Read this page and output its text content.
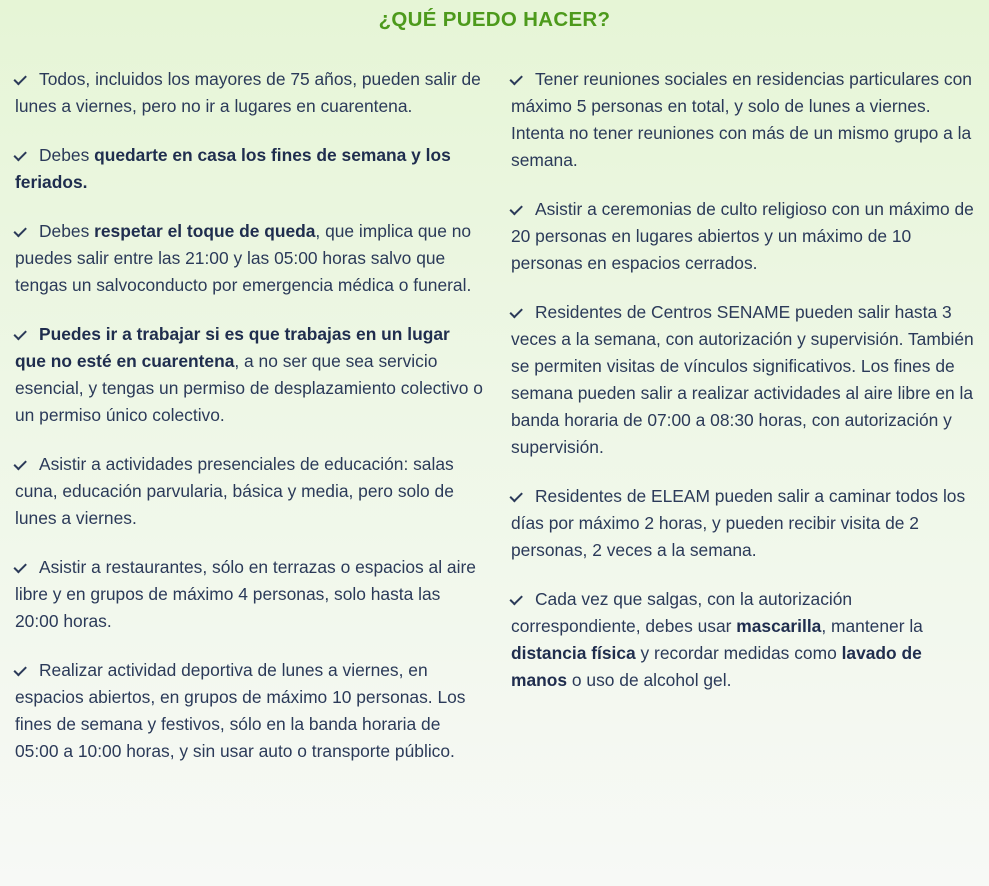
¿QUÉ PUEDO HACER?
Todos, incluidos los mayores de 75 años, pueden salir de lunes a viernes, pero no ir a lugares en cuarentena.
Debes quedarte en casa los fines de semana y los feriados.
Debes respetar el toque de queda, que implica que no puedes salir entre las 21:00 y las 05:00 horas salvo que tengas un salvoconducto por emergencia médica o funeral.
Puedes ir a trabajar si es que trabajas en un lugar que no esté en cuarentena, a no ser que sea servicio esencial, y tengas un permiso de desplazamiento colectivo o un permiso único colectivo.
Asistir a actividades presenciales de educación: salas cuna, educación parvularia, básica y media, pero solo de lunes a viernes.
Asistir a restaurantes, sólo en terrazas o espacios al aire libre y en grupos de máximo 4 personas, solo hasta las 20:00 horas.
Realizar actividad deportiva de lunes a viernes, en espacios abiertos, en grupos de máximo 10 personas. Los fines de semana y festivos, sólo en la banda horaria de 05:00 a 10:00 horas, y sin usar auto o transporte público.
Tener reuniones sociales en residencias particulares con máximo 5 personas en total, y solo de lunes a viernes. Intenta no tener reuniones con más de un mismo grupo a la semana.
Asistir a ceremonias de culto religioso con un máximo de 20 personas en lugares abiertos y un máximo de 10 personas en espacios cerrados.
Residentes de Centros SENAME pueden salir hasta 3 veces a la semana, con autorización y supervisión. También se permiten visitas de vínculos significativos. Los fines de semana pueden salir a realizar actividades al aire libre en la banda horaria de 07:00 a 08:30 horas, con autorización y supervisión.
Residentes de ELEAM pueden salir a caminar todos los días por máximo 2 horas, y pueden recibir visita de 2 personas, 2 veces a la semana.
Cada vez que salgas, con la autorización correspondiente, debes usar mascarilla, mantener la distancia física y recordar medidas como lavado de manos o uso de alcohol gel.
